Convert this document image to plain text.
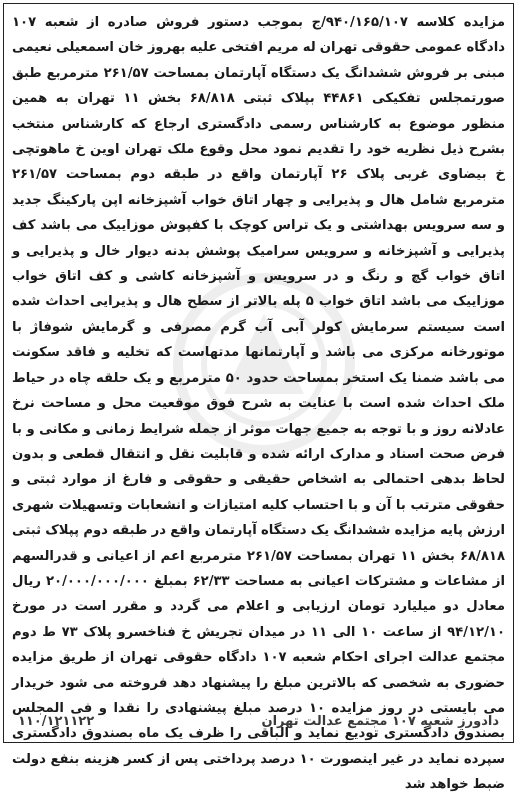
مزایده کلاسه ۹۴۰/۱۶۵/۱۰۷/ج بموجب دستور فروش صادره از شعبه ۱۰۷ دادگاه عمومی حقوقی تهران له مریم افتخی علیه بهروز خان اسمعیلی نعیمی مبنی بر فروش ششدانگ یک دستگاه آپارتمان بمساحت ۲۶۱/۵۷ مترمربع طبق صورتمجلس تفکیکی ۴۴۸۶۱ بپلاک ثبتی ۶۸/۸۱۸ بخش ۱۱ تهران به همین منظور موضوع به کارشناس رسمی دادگستری ارجاع که کارشناس منتخب بشرح ذیل نظریه خود را تقدیم نمود محل وقوع ملک تهران اوین خ ماهوتچی خ بیضاوی غربی پلاک ۲۶ آپارتمان واقع در طبقه دوم بمساحت ۲۶۱/۵۷ مترمربع شامل هال و پذیرایی و چهار اتاق خواب آشپزخانه اپن پارکینگ جدید و سه سرویس بهداشتی و یک تراس کوچک با کفپوش موزاییک می باشد کف پذیرایی و آشپزخانه و سرویس سرامیک پوشش بدنه دیوار خال و پذیرایی و اتاق خواب گچ و رنگ و در سرویس و آشپزخانه کاشی و کف اتاق خواب موزاییک می باشد اتاق خواب ۵ پله بالاتر از سطح هال و پذیرایی احداث شده است سیستم سرمایش کولر آبی آب گرم مصرفی و گرمایش شوفاژ با موتورخانه مرکزی می باشد و آپارتمانها مدتهاست که تخلیه و فاقد سکونت می باشد ضمنا یک استخر بمساحت حدود ۵۰ مترمربع و یک حلقه چاه در حیاط ملک احداث شده است با عنایت به شرح فوق موقعیت محل و مساحت نرخ عادلانه روز و با توجه به جمیع جهات موثر از جمله شرایط زمانی و مکانی و با فرض صحت اسناد و مدارک ارائه شده و قابلیت نقل و انتقال قطعی و بدون لحاظ بدهی احتمالی به اشخاص حقیقی و حقوقی و فارغ از موارد ثبتی و حقوقی مترتب با آن و با احتساب کلیه امتیازات و انشعابات وتسهیلات شهری ارزش پایه مزایده ششدانگ یک دستگاه آپارتمان واقع در طبقه دوم پپلاک ثبتی ۶۸/۸۱۸ بخش ۱۱ تهران بمساحت ۲۶۱/۵۷ مترمربع اعم از اعیانی و قدرالسهم از مشاعات و مشترکات اعیانی به مساحت ۶۲/۳۳ بمبلغ ۲۰/۰۰۰/۰۰۰/۰۰۰ ریال معادل دو میلیارد تومان ارزیابی و اعلام می گردد و مقرر است در مورخ ۹۴/۱۲/۱۰ از ساعت ۱۰ الی ۱۱ در میدان تجریش خ فناخسرو پلاک ۷۳ ط دوم مجتمع عدالت اجرای احکام شعبه ۱۰۷ دادگاه حقوقی تهران از طریق مزایده حضوری به شخصی که بالاترین مبلغ را پیشنهاد دهد فروخته می شود خریدار می بایستی در روز مزایده ۱۰ درصد مبلغ پیشنهادی را نقدا و فی المجلس بصندوق دادگستری تودیع نماید و الباقی را ظرف یک ماه بصندوق دادگستری سپرده نماید در غیر اینصورت ۱۰ درصد پرداختی پس از کسر هزینه بنفع دولت ضبط خواهد شد

دادورز شعبه ۱۰۷ مجتمع عدالت تهران
۱۱۰/۱۲۱۱۲۲
